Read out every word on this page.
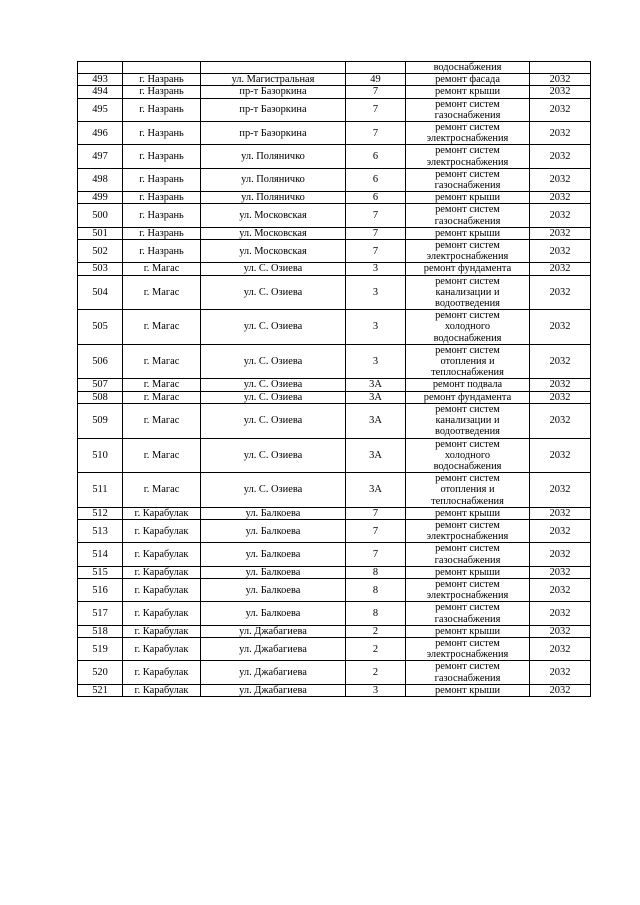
				водоснабжения	
493	г. Назрань	ул. Магистральная	49	ремонт фасада	2032
494	г. Назрань	пр-т Базоркина	7	ремонт крыши	2032
495	г. Назрань	пр-т Базоркина	7	ремонт систем
газоснабжения	2032
496	г. Назрань	пр-т Базоркина	7	ремонт систем
электроснабжения	2032
497	г. Назрань	ул. Поляничко	6	ремонт систем
электроснабжения	2032
498	г. Назрань	ул. Поляничко	6	ремонт систем
газоснабжения	2032
499	г. Назрань	ул. Поляничко	6	ремонт крыши	2032
500	г. Назрань	ул. Московская	7	ремонт систем
газоснабжения	2032
501	г. Назрань	ул. Московская	7	ремонт крыши	2032
502	г. Назрань	ул. Московская	7	ремонт систем
электроснабжения	2032
503	г. Магас	ул. С. Озиева	3	ремонт фундамента	2032
504	г. Магас	ул. С. Озиева	3	ремонт систем
канализации и
водоотведения	2032
505	г. Магас	ул. С. Озиева	3	ремонт систем
холодного
водоснабжения	2032
506	г. Магас	ул. С. Озиева	3	ремонт систем
отопления и
теплоснабжения	2032
507	г. Магас	ул. С. Озиева	3А	ремонт подвала	2032
508	г. Магас	ул. С. Озиева	3А	ремонт фундамента	2032
509	г. Магас	ул. С. Озиева	3А	ремонт систем
канализации и
водоотведения	2032
510	г. Магас	ул. С. Озиева	3А	ремонт систем
холодного
водоснабжения	2032
511	г. Магас	ул. С. Озиева	3А	ремонт систем
отопления и
теплоснабжения	2032
512	г. Карабулак	ул. Балкоева	7	ремонт крыши	2032
513	г. Карабулак	ул. Балкоева	7	ремонт систем
электроснабжения	2032
514	г. Карабулак	ул. Балкоева	7	ремонт систем
газоснабжения	2032
515	г. Карабулак	ул. Балкоева	8	ремонт крыши	2032
516	г. Карабулак	ул. Балкоева	8	ремонт систем
электроснабжения	2032
517	г. Карабулак	ул. Балкоева	8	ремонт систем
газоснабжения	2032
518	г. Карабулак	ул. Джабагиева	2	ремонт крыши	2032
519	г. Карабулак	ул. Джабагиева	2	ремонт систем
электроснабжения	2032
520	г. Карабулак	ул. Джабагиева	2	ремонт систем
газоснабжения	2032
521	г. Карабулак	ул. Джабагиева	3	ремонт крыши	2032
